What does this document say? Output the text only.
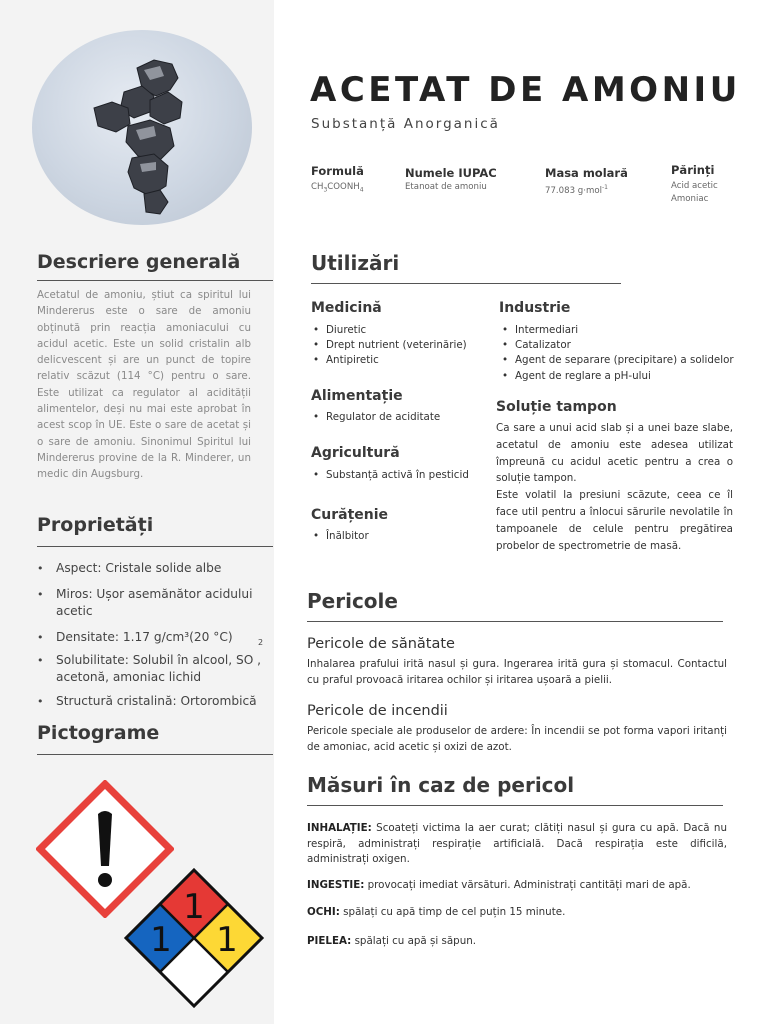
ACETAT DE AMONIU
Substanță Anorganică
Formulă
$CH_3COONH_4$
Numele IUPAC
Etanoat de amoniu
Masa molară
77.083 g·mol$^{-1}$
Părinți
Acid acetic
Amoniac
Descriere generală
Acetatul de amoniu, știut ca spiritul lui Mindererus este o sare de amoniu obținută prin reacția amoniacului cu acidul acetic. Este un solid cristalin alb delicvescent și are un punct de topire relativ scăzut (114 °C) pentru o sare. Este utilizat ca regulator al acidității alimentelor, deși nu mai este aprobat în acest scop în UE. Este o sare de acetat și o sare de amoniu. Sinonimul Spiritul lui Mindererus provine de la R. Minderer, un medic din Augsburg.
Proprietăți
• Aspect: Cristale solide albe
• Miros: Ușor asemănător acidului acetic
• Densitate: 1.17 g/cm³(20 °C)
• Solubilitate: Solubil în alcool, SO , acetonă, amoniac lichid
• Structură cristalină: Ortorombică
2
Pictograme
1
1 1
Utilizări
Medicină
• Diuretic
• Drept nutrient (veterinărie)
• Antipiretic
Alimentație
• Regulator de aciditate
Agricultură
• Substanță activă în pesticid
Curățenie
• Înălbitor
Industrie
• Intermediari
• Catalizator
• Agent de separare (precipitare) a solidelor
• Agent de reglare a pH-ului
Soluție tampon
Ca sare a unui acid slab și a unei baze slabe, acetatul de amoniu este adesea utilizat împreună cu acidul acetic pentru a crea o soluție tampon.
Este volatil la presiuni scăzute, ceea ce îl face util pentru a înlocui sărurile nevolatile în tampoanele de celule pentru pregătirea probelor de spectrometrie de masă.
Pericole
Pericole de sănătate
Inhalarea prafului irită nasul și gura. Ingerarea irită gura și stomacul. Contactul cu praful provoacă iritarea ochilor și iritarea ușoară a pielii.
Pericole de incendii
Pericole speciale ale produselor de ardere: În incendii se pot forma vapori iritanți de amoniac, acid acetic și oxizi de azot.
Măsuri în caz de pericol
INHALAȚIE: Scoateți victima la aer curat; clătiți nasul și gura cu apă. Dacă nu respiră, administrați respirație artificială. Dacă respirația este dificilă, administrați oxigen.
INGESTIE: provocați imediat vărsături. Administrați cantități mari de apă.
OCHI: spălați cu apă timp de cel puțin 15 minute.
PIELEA: spălați cu apă și săpun.
